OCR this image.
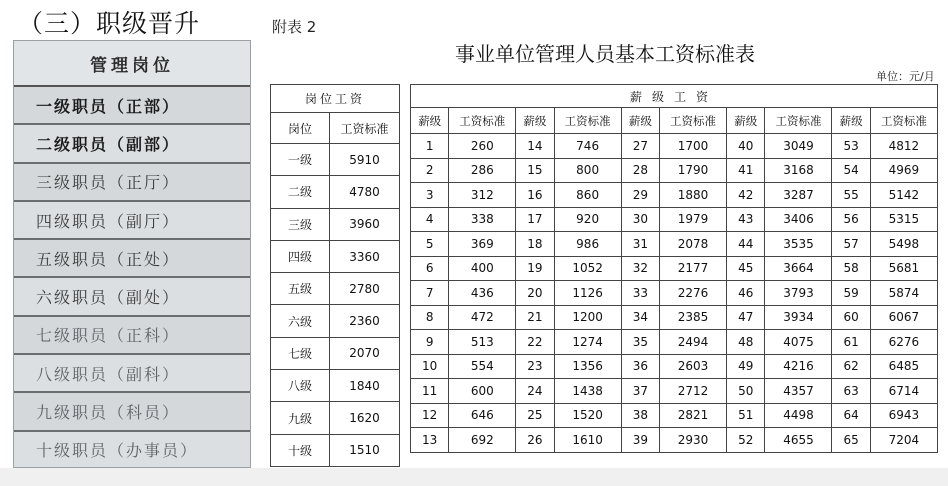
（三）职级晋升
管理岗位
一级职员（正部）
二级职员（副部）
三级职员（正厅）
四级职员（副厅）
五级职员（正处）
六级职员（副处）
七级职员（正科）
八级职员（副科）
九级职员（科员）
十级职员（办事员）
附表 2
事业单位管理人员基本工资标准表
单位：元/月
岗位工资	
岗位	工资标准
一级	5910
二级	4780
三级	3960
四级	3360
五级	2780
六级	2360
七级	2070
八级	1840
九级	1620
十级	1510
薪级工资									
薪级	工资标准	薪级	工资标准	薪级	工资标准	薪级	工资标准	薪级	工资标准
1	260	14	746	27	1700	40	3049	53	4812
2	286	15	800	28	1790	41	3168	54	4969
3	312	16	860	29	1880	42	3287	55	5142
4	338	17	920	30	1979	43	3406	56	5315
5	369	18	986	31	2078	44	3535	57	5498
6	400	19	1052	32	2177	45	3664	58	5681
7	436	20	1126	33	2276	46	3793	59	5874
8	472	21	1200	34	2385	47	3934	60	6067
9	513	22	1274	35	2494	48	4075	61	6276
10	554	23	1356	36	2603	49	4216	62	6485
11	600	24	1438	37	2712	50	4357	63	6714
12	646	25	1520	38	2821	51	4498	64	6943
13	692	26	1610	39	2930	52	4655	65	7204
